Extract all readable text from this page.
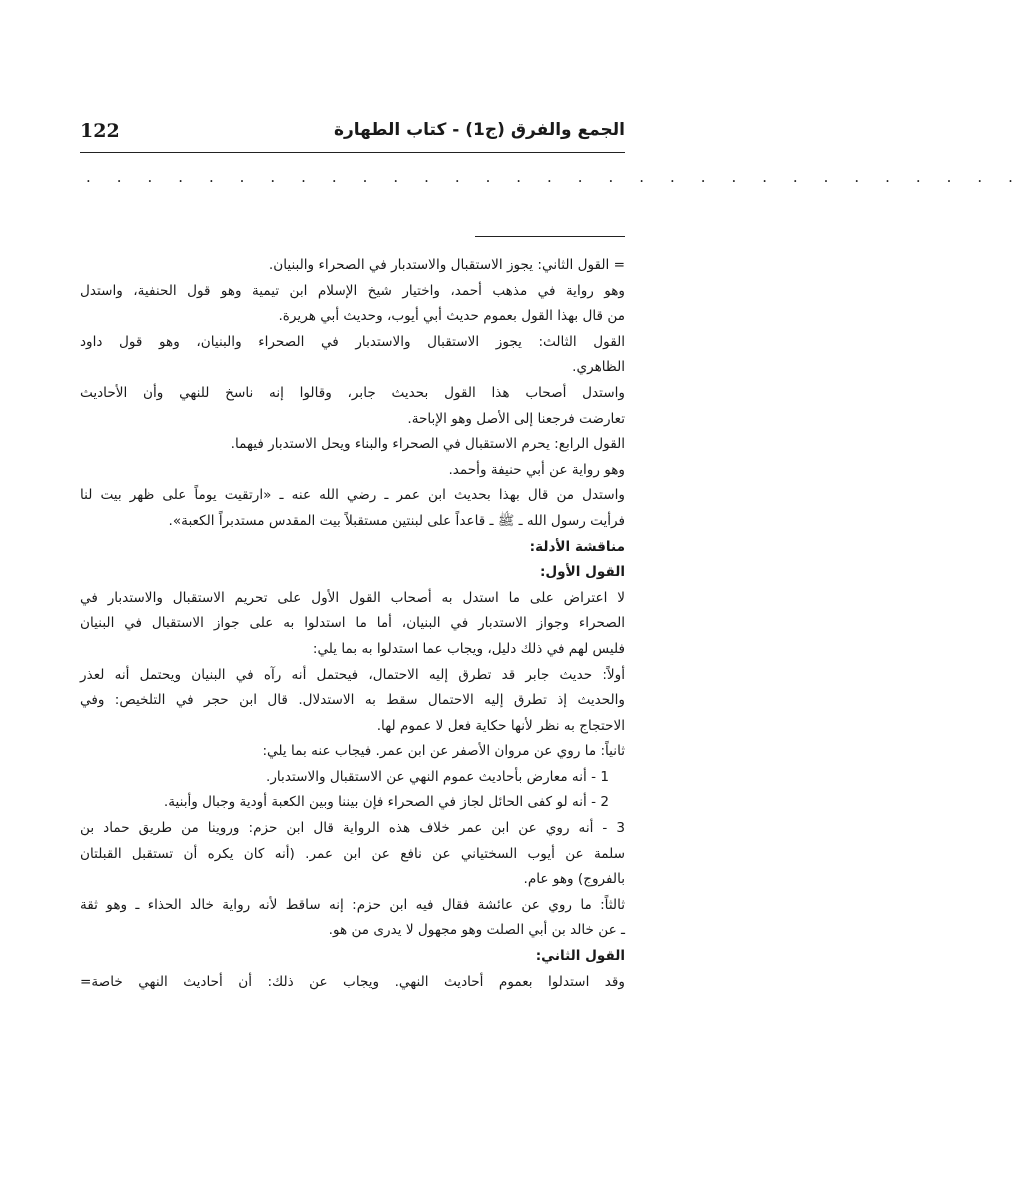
122	الجمع والفرق (ج1) - كتاب الطهارة
· · · · · · · · · · · · · · · · · · · · · · · · · · · · · · ·
= القول الثاني: يجوز الاستقبال والاستدبار في الصحراء والبنيان.
وهو رواية في مذهب أحمد، واختيار شيخ الإسلام ابن تيمية وهو قول الحنفية، واستدل
من قال بهذا القول بعموم حديث أبي أيوب، وحديث أبي هريرة.
القول الثالث: يجوز الاستقبال والاستدبار في الصحراء والبنيان، وهو قول داود
الظاهري.
واستدل أصحاب هذا القول بحديث جابر، وقالوا إنه ناسخ للنهي وأن الأحاديث
تعارضت فرجعنا إلى الأصل وهو الإباحة.
القول الرابع: يحرم الاستقبال في الصحراء والبناء ويحل الاستدبار فيهما.
وهو رواية عن أبي حنيفة وأحمد.
واستدل من قال بهذا بحديث ابن عمر ـ رضي الله عنه ـ «ارتقيت يوماً على ظهر بيت لنا
فرأيت رسول الله ـ ﷺ ـ قاعداً على لبنتين مستقبلاً بيت المقدس مستدبراً الكعبة».
مناقشة الأدلة:
القول الأول:
لا اعتراض على ما استدل به أصحاب القول الأول على تحريم الاستقبال والاستدبار في
الصحراء وجواز الاستدبار في البنيان، أما ما استدلوا به على جواز الاستقبال في البنيان
فليس لهم في ذلك دليل، ويجاب عما استدلوا به بما يلي:
أولاً: حديث جابر قد تطرق إليه الاحتمال، فيحتمل أنه رآه في البنيان ويحتمل أنه لعذر
والحديث إذ تطرق إليه الاحتمال سقط به الاستدلال. قال ابن حجر في التلخيص: وفي
الاحتجاج به نظر لأنها حكاية فعل لا عموم لها.
ثانياً: ما روي عن مروان الأصفر عن ابن عمر. فيجاب عنه بما يلي:
1 - أنه معارض بأحاديث عموم النهي عن الاستقبال والاستدبار.
2 - أنه لو كفى الحائل لجاز في الصحراء فإن بيننا وبين الكعبة أودية وجبال وأبنية.
3 - أنه روي عن ابن عمر خلاف هذه الرواية قال ابن حزم: وروينا من طريق حماد بن
سلمة عن أيوب السختياني عن نافع عن ابن عمر. (أنه كان يكره أن تستقبل القبلتان
بالفروج) وهو عام.
ثالثاً: ما روي عن عائشة فقال فيه ابن حزم: إنه ساقط لأنه رواية خالد الحذاء ـ وهو ثقة
ـ عن خالد بن أبي الصلت وهو مجهول لا يدرى من هو.
القول الثاني:
وقد استدلوا بعموم أحاديث النهي. ويجاب عن ذلك: أن أحاديث النهي خاصة=
